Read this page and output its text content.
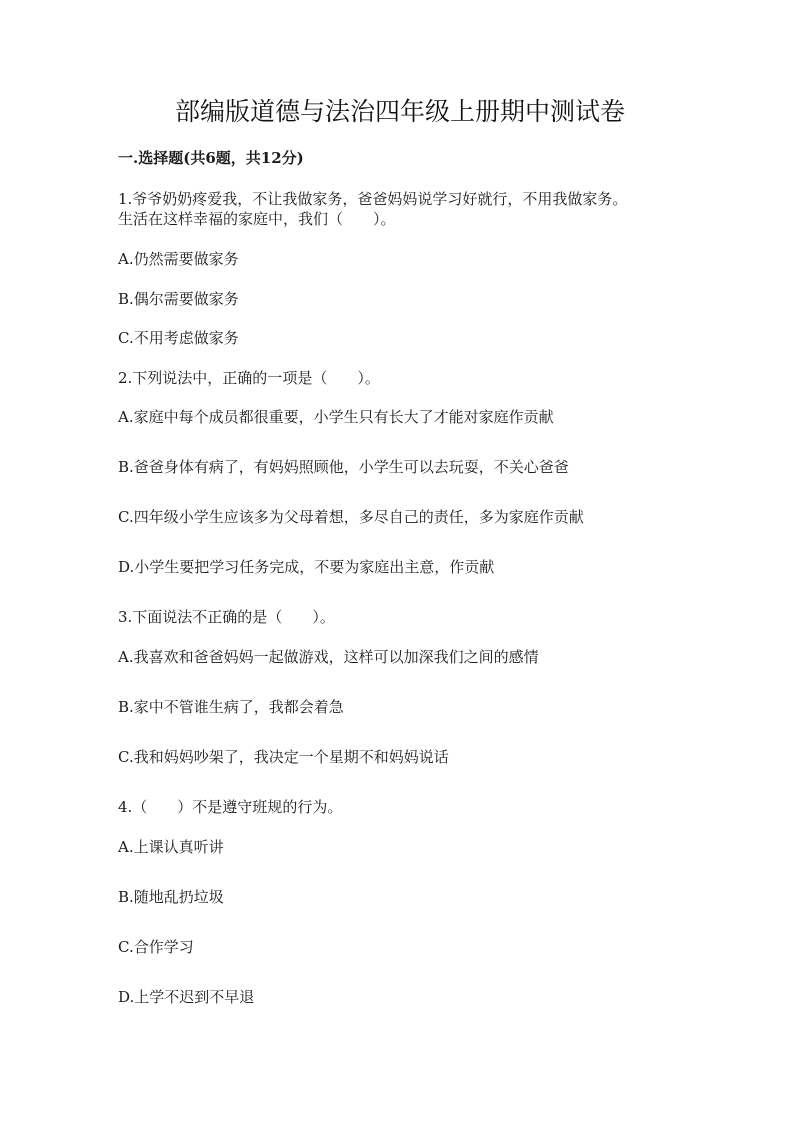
部编版道德与法治四年级上册期中测试卷
一.选择题(共6题，共12分)
1.爷爷奶奶疼爱我，不让我做家务，爸爸妈妈说学习好就行，不用我做家务。
生活在这样幸福的家庭中，我们（　　）。
A.仍然需要做家务
B.偶尔需要做家务
C.不用考虑做家务
2.下列说法中，正确的一项是（　　）。
A.家庭中每个成员都很重要，小学生只有长大了才能对家庭作贡献
B.爸爸身体有病了，有妈妈照顾他，小学生可以去玩耍，不关心爸爸
C.四年级小学生应该多为父母着想，多尽自己的责任，多为家庭作贡献
D.小学生要把学习任务完成，不要为家庭出主意，作贡献
3.下面说法不正确的是（　　）。
A.我喜欢和爸爸妈妈一起做游戏，这样可以加深我们之间的感情
B.家中不管谁生病了，我都会着急
C.我和妈妈吵架了，我决定一个星期不和妈妈说话
4.（　　）不是遵守班规的行为。
A.上课认真听讲
B.随地乱扔垃圾
C.合作学习
D.上学不迟到不早退
